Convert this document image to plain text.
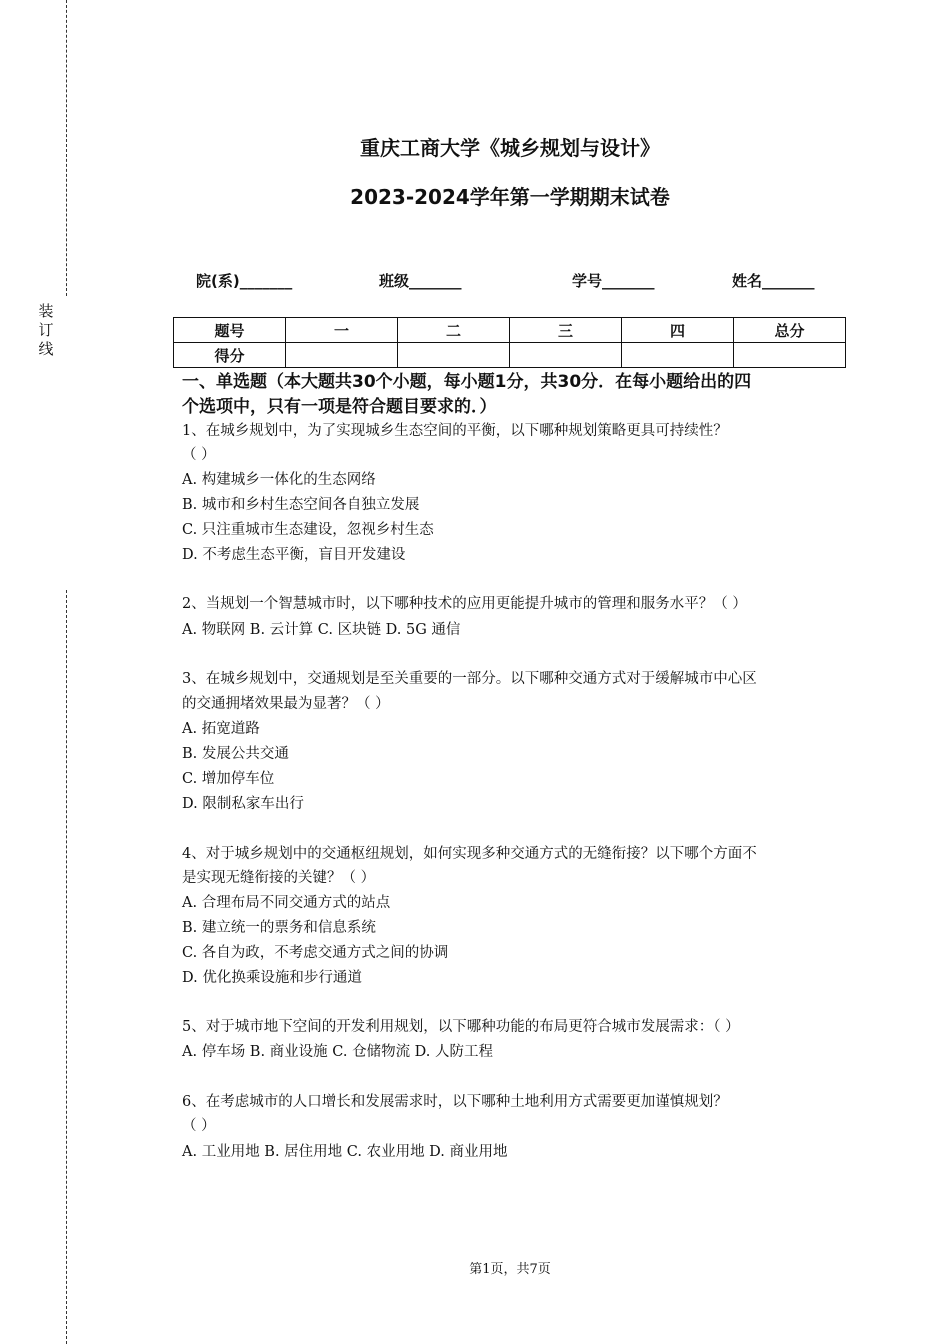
装
订
线
重庆工商大学《城乡规划与设计》
2023-2024学年第一学期期末试卷
院(系)_______	班级_______	学号_______	姓名_______
题号	一	二	三	四	总分
得分					
一、单选题（本大题共30个小题，每小题1分，共30分．在每小题给出的四
个选项中，只有一项是符合题目要求的．）
1、在城乡规划中，为了实现城乡生态空间的平衡，以下哪种规划策略更具可持续性？
（ ）
A. 构建城乡一体化的生态网络
B. 城市和乡村生态空间各自独立发展
C. 只注重城市生态建设，忽视乡村生态
D. 不考虑生态平衡，盲目开发建设
2、当规划一个智慧城市时，以下哪种技术的应用更能提升城市的管理和服务水平？（ ）
A. 物联网 B. 云计算 C. 区块链 D. 5G 通信
3、在城乡规划中，交通规划是至关重要的一部分。以下哪种交通方式对于缓解城市中心区
的交通拥堵效果最为显著？（ ）
A. 拓宽道路
B. 发展公共交通
C. 增加停车位
D. 限制私家车出行
4、对于城乡规划中的交通枢纽规划，如何实现多种交通方式的无缝衔接？以下哪个方面不
是实现无缝衔接的关键？（ ）
A. 合理布局不同交通方式的站点
B. 建立统一的票务和信息系统
C. 各自为政，不考虑交通方式之间的协调
D. 优化换乘设施和步行通道
5、对于城市地下空间的开发利用规划，以下哪种功能的布局更符合城市发展需求：（ ）
A. 停车场 B. 商业设施 C. 仓储物流 D. 人防工程
6、在考虑城市的人口增长和发展需求时，以下哪种土地利用方式需要更加谨慎规划？
（ ）
A. 工业用地 B. 居住用地 C. 农业用地 D. 商业用地
第1页，共7页
